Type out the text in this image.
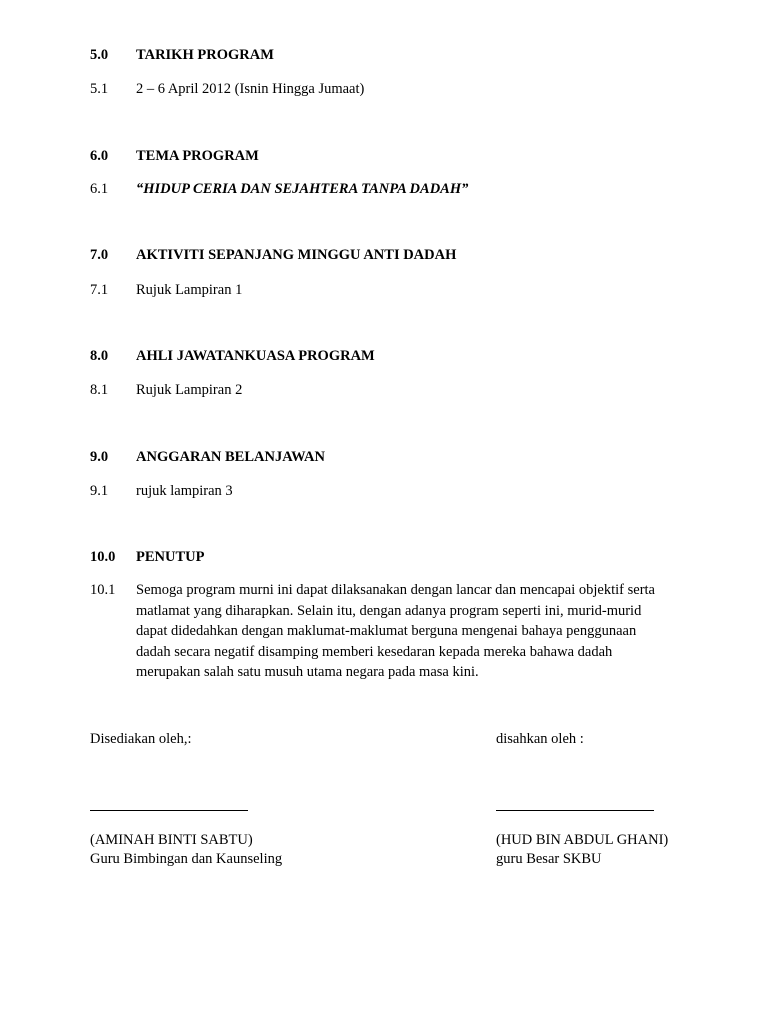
5.0 TARIKH PROGRAM
5.1 2 – 6 April 2012 (Isnin Hingga Jumaat)
6.0 TEMA PROGRAM
6.1 “HIDUP CERIA DAN SEJAHTERA TANPA DADAH”
7.0 AKTIVITI SEPANJANG MINGGU ANTI DADAH
7.1 Rujuk Lampiran 1
8.0 AHLI JAWATANKUASA PROGRAM
8.1 Rujuk Lampiran 2
9.0 ANGGARAN BELANJAWAN
9.1 rujuk lampiran 3
10.0 PENUTUP
10.1 Semoga program murni ini dapat dilaksanakan dengan lancar dan mencapai objektif serta
matlamat yang diharapkan. Selain itu, dengan adanya program seperti ini, murid-murid
dapat didedahkan dengan maklumat-maklumat berguna mengenai bahaya penggunaan
dadah secara negatif disamping memberi kesedaran kepada mereka bahawa dadah
merupakan salah satu musuh utama negara pada masa kini.
Disediakan oleh,:	disahkan oleh :
(AMINAH BINTI SABTU)
Guru Bimbingan dan Kaunseling
(HUD BIN ABDUL GHANI)
guru Besar SKBU
